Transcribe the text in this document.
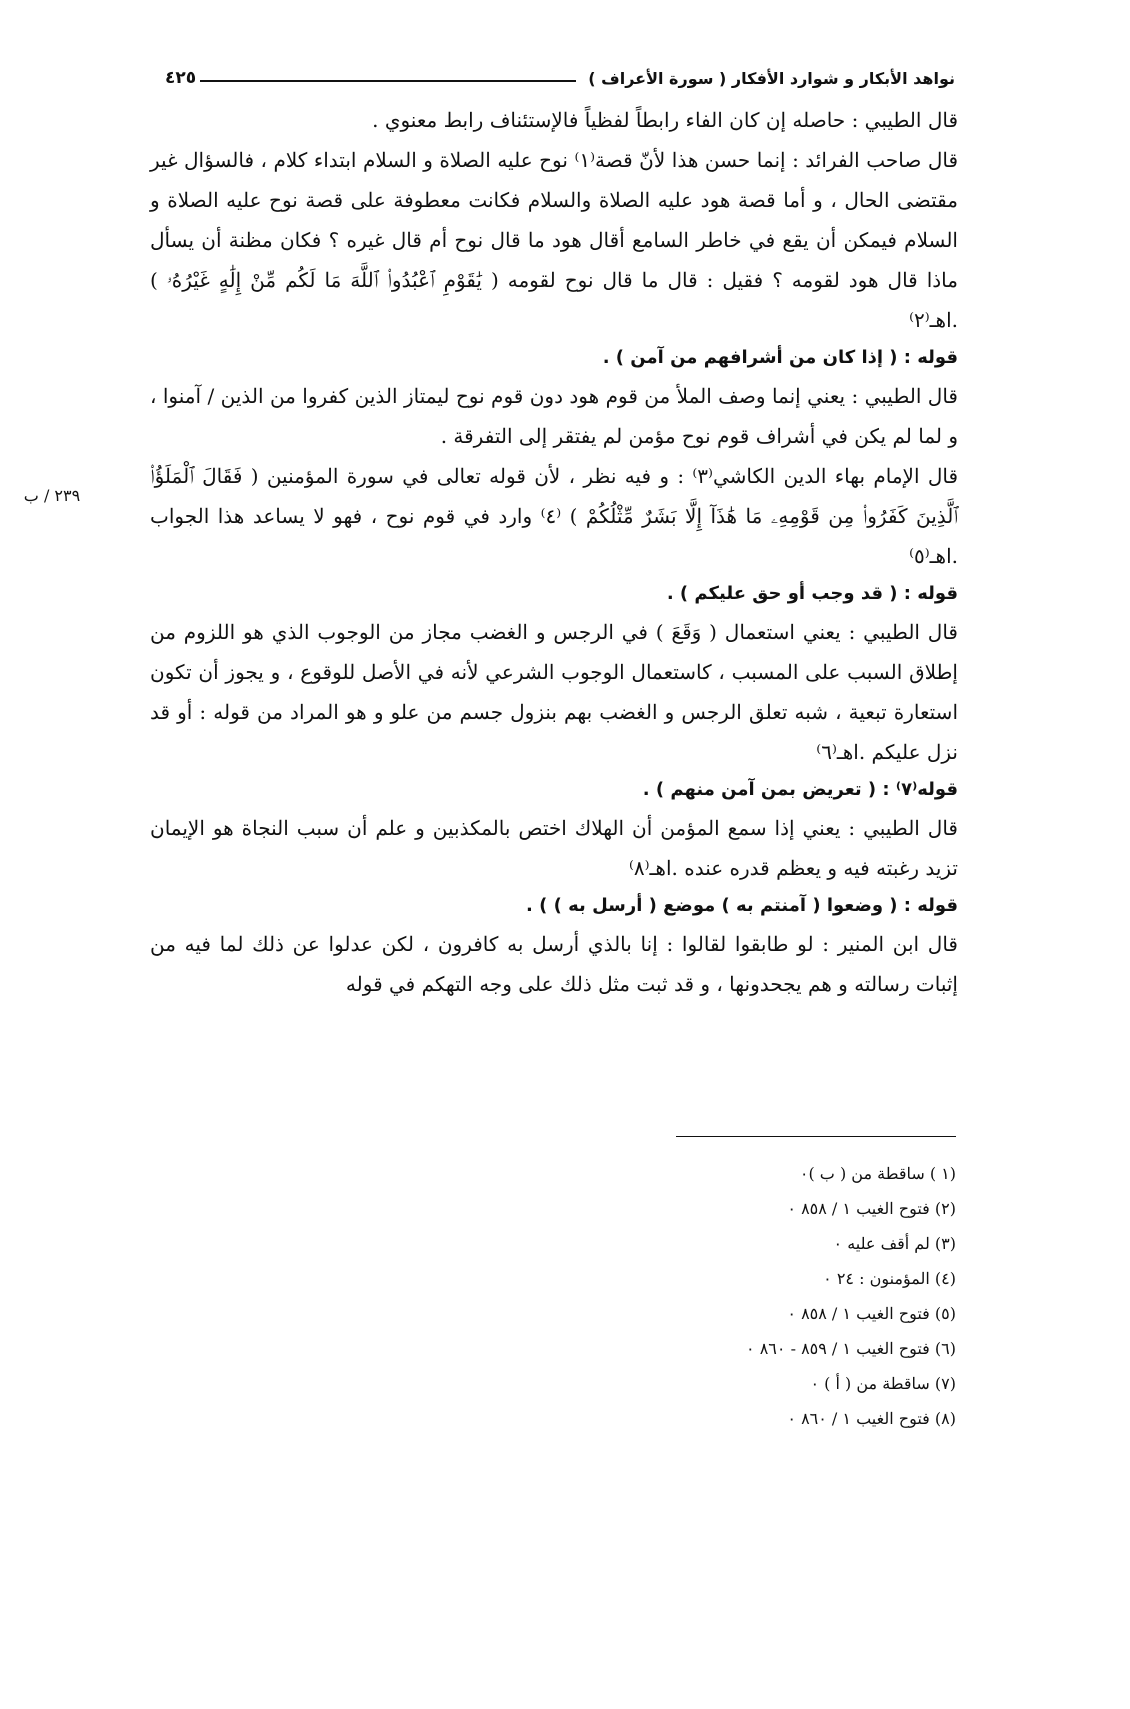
نواهد الأبكار و شوارد الأفكار ( سورة الأعراف )
٤٢٥
٢٣٩ / ب

قال الطيبي : حاصله إن كان الفاء رابطاً لفظياً فالإستئناف رابط معنوي .

قال صاحب الفرائد : إنما حسن هذا لأنّ قصة⁽١⁾ نوح عليه الصلاة و السلام ابتداء كلام ، فالسؤال غير مقتضى الحال ، و أما قصة هود عليه الصلاة والسلام فكانت معطوفة على قصة نوح عليه الصلاة و السلام فيمكن أن يقع في خاطر السامع أقال هود ما قال نوح أم قال غيره ؟ فكان مظنة أن يسأل ماذا قال هود لقومه ؟ فقيل : قال ما قال نوح لقومه ( يَٰقَوْمِ ٱعْبُدُوا۟ ٱللَّهَ مَا لَكُم مِّنْ إِلَٰهٍ غَيْرُهُۥ ) .اهـ⁽٢⁾

قوله : ( إذا كان من أشرافهم من آمن ) .

قال الطيبي : يعني إنما وصف الملأ من قوم هود دون قوم نوح ليمتاز الذين كفروا من الذين / آمنوا ، و لما لم يكن في أشراف قوم نوح مؤمن لم يفتقر إلى التفرقة .

قال الإمام بهاء الدين الكاشي⁽٣⁾ : و فيه نظر ، لأن قوله تعالى في سورة المؤمنين ( فَقَالَ ٱلْمَلَؤُا۟ ٱلَّذِينَ كَفَرُوا۟ مِن قَوْمِهِۦ مَا هَٰذَآ إِلَّا بَشَرٌ مِّثْلُكُمْ ) ⁽٤⁾ وارد في قوم نوح ، فهو لا يساعد هذا الجواب .اهـ⁽٥⁾

قوله : ( قد وجب أو حق عليكم ) .

قال الطيبي : يعني استعمال ( وَقَعَ ) في الرجس و الغضب مجاز من الوجوب الذي هو اللزوم من إطلاق السبب على المسبب ، كاستعمال الوجوب الشرعي لأنه في الأصل للوقوع ، و يجوز أن تكون استعارة تبعية ، شبه تعلق الرجس و الغضب بهم بنزول جسم من علو و هو المراد من قوله : أو قد نزل عليكم .اهـ⁽٦⁾

قوله⁽٧⁾ : ( تعريض بمن آمن منهم ) .

قال الطيبي : يعني إذا سمع المؤمن أن الهلاك اختص بالمكذبين و علم أن سبب النجاة هو الإيمان تزيد رغبته فيه و يعظم قدره عنده .اهـ⁽٨⁾

قوله : ( وضعوا ( آمنتم به ) موضع ( أرسل به ) ) .

قال ابن المنير : لو طابقوا لقالوا : إنا بالذي أرسل به كافرون ، لكن عدلوا عن ذلك لما فيه من إثبات رسالته و هم يجحدونها ، و قد ثبت مثل ذلك على وجه التهكم في قوله

(١ ) ساقطة من ( ب )٠
(٢) فتوح الغيب ١ / ٨٥٨ ٠
(٣) لم أقف عليه ٠
(٤) المؤمنون : ٢٤ ٠
(٥) فتوح الغيب ١ / ٨٥٨ ٠
(٦) فتوح الغيب ١ / ٨٥٩ - ٨٦٠ ٠
(٧) ساقطة من ( أ ) ٠
(٨) فتوح الغيب ١ / ٨٦٠ ٠
